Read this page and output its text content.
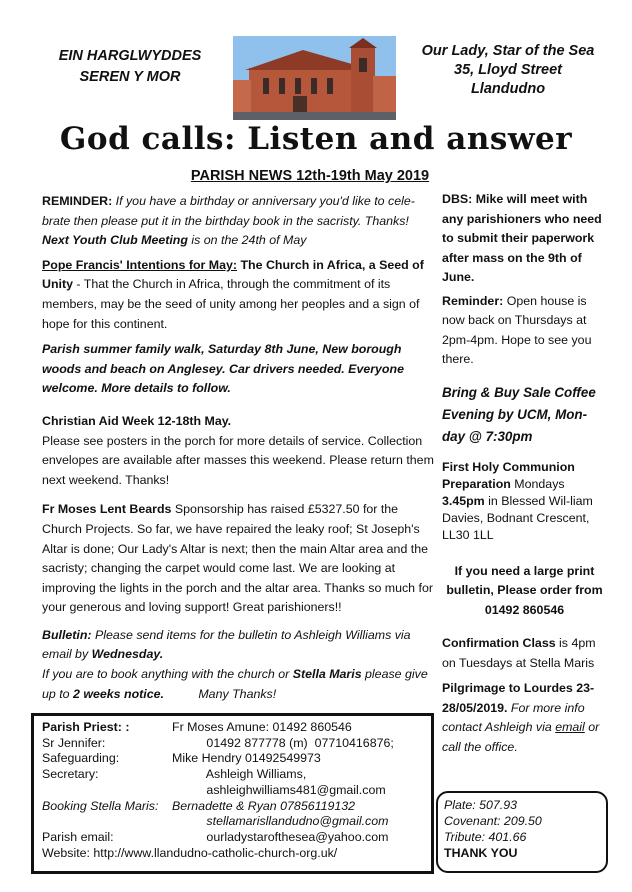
EIN HARGLWYDDES
SEREN Y MOR
Our Lady, Star of the Sea
35, Lloyd Street
Llandudno
God calls: Listen and answer
PARISH NEWS 12th-19th May 2019

REMINDER: If you have a birthday or anniversary you'd like to cele-brate then please put it in the birthday book in the sacristy. Thanks!

Next Youth Club Meeting is on the 24th of May

Pope Francis' Intentions for May: The Church in Africa, a Seed of Unity - That the Church in Africa, through the commitment of its members, may be the seed of unity among her peoples and a sign of hope for this continent.

Parish summer family walk, Saturday 8th June, New borough woods and beach on Anglesey. Car drivers needed. Everyone welcome. More details to follow.

Christian Aid Week 12-18th May.

Please see posters in the porch for more details of service. Collection envelopes are available after masses this weekend. Please return them next weekend. Thanks!

Fr Moses Lent Beards Sponsorship has raised £5327.50 for the Church Projects. So far, we have repaired the leaky roof; St Joseph's Altar is done; Our Lady's Altar is next; then the main Altar area and the sacristy; changing the carpet would come last. We are looking at improving the lights in the porch and the altar area. Thanks so much for your generous and loving support! Great parishioners!!

Bulletin: Please send items for the bulletin to Ashleigh Williams via email by Wednesday.

If you are to book anything with the church or Stella Maris please give up to 2 weeks notice.          Many Thanks!

DBS: Mike will meet with any parishioners who need to submit their paperwork after mass on the 9th of June.

Reminder: Open house is now back on Thursdays at 2pm-4pm. Hope to see you there.

Bring & Buy Sale Coffee Evening by UCM, Mon-day @ 7:30pm

First Holy Communion Preparation Mondays 3.45pm in Blessed Wil-liam Davies, Bodnant Crescent, LL30 1LL

If you need a large print bulletin, Please order from 01492 860546

Confirmation Class is 4pm on Tuesdays at Stella Maris

Pilgrimage to Lourdes 23-28/05/2019. For more info contact Ashleigh via email or call the office.

Parish Priest: :	Fr Moses Amune: 01492 860546
Sr Jennifer:	01492 877778 (m)  07710416876;
Safeguarding:	Mike Hendry 01492549973
Secretary:	Ashleigh Williams,
ashleighwilliams481@gmail.com
Booking Stella Maris:	Bernadette & Ryan 07856119132
stellamarisllandudno@gmail.com
Parish email:	ourladystarofthesea@yahoo.com
Website: http://www.llandudno-catholic-church-org.uk/
Plate: 507.93
Covenant: 209.50
Tribute: 401.66
THANK YOU
